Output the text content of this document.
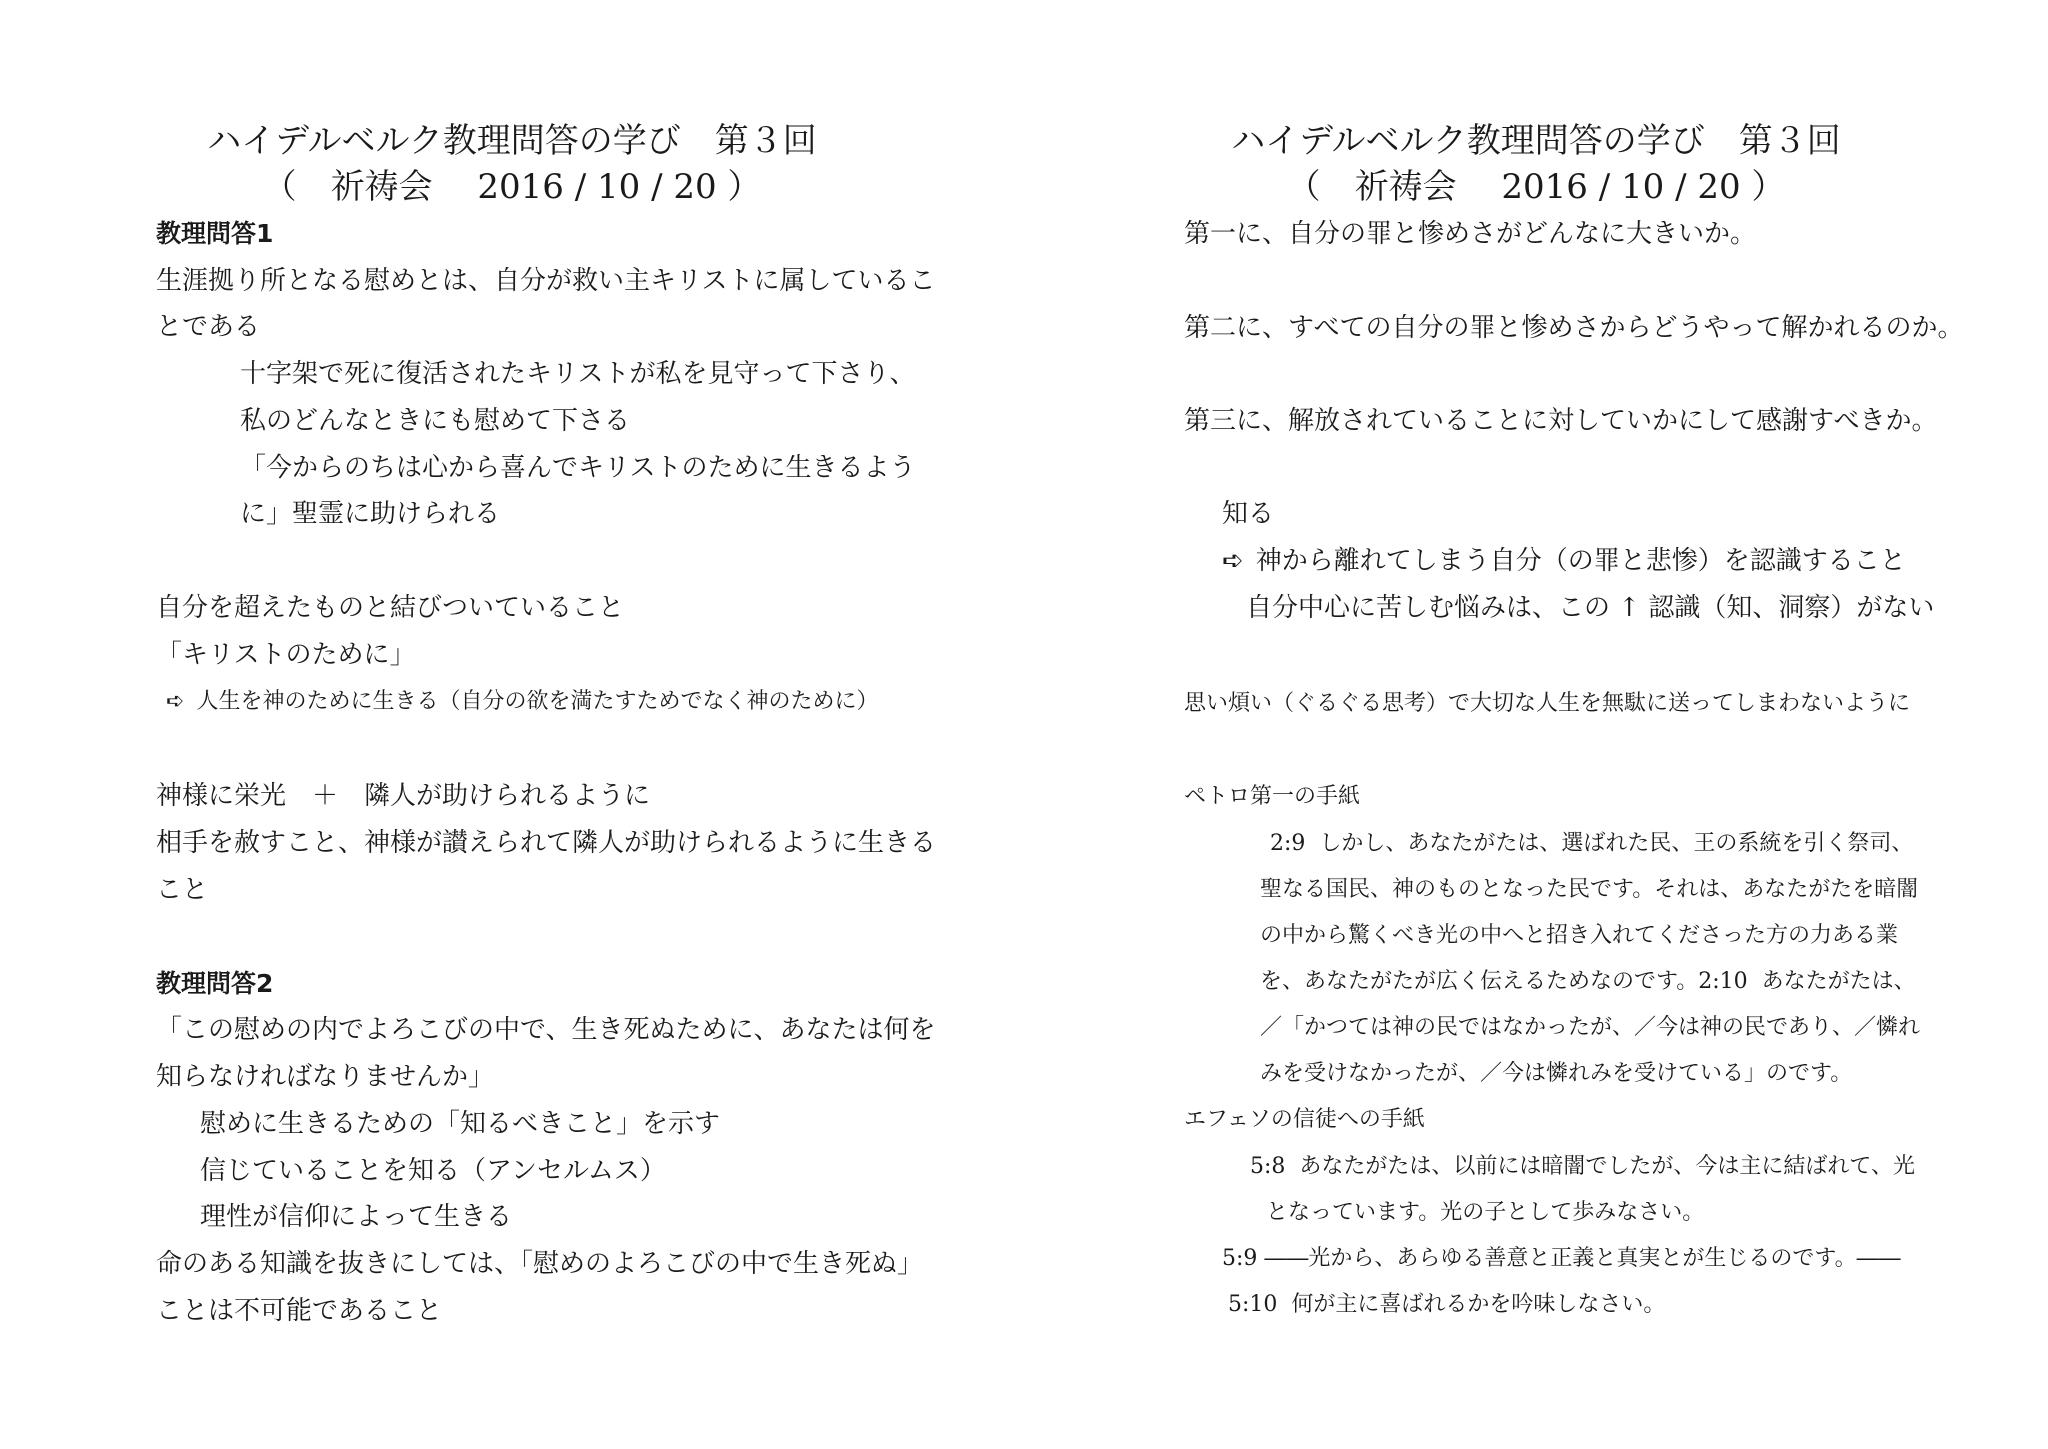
ハイデルベルク教理問答の学び　第３回
（　祈祷会　 2016 / 10 / 20 ）
教理問答1
生涯拠り所となる慰めとは、自分が救い主キリストに属しているこ
とである
十字架で死に復活されたキリストが私を見守って下さり、
私のどんなときにも慰めて下さる
「今からのちは心から喜んでキリストのために生きるよう
に」聖霊に助けられる
自分を超えたものと結びついていること
「キリストのために」
➪ 人生を神のために生きる（自分の欲を満たすためでなく神のために）
神様に栄光　＋　隣人が助けられるように
相手を赦すこと、神様が讃えられて隣人が助けられるように生きる
こと
教理問答2
「この慰めの内でよろこびの中で、生き死ぬために、あなたは何を
知らなければなりませんか」
慰めに生きるための「知るべきこと」を示す
信じていることを知る（アンセルムス）
理性が信仰によって生きる
命のある知識を抜きにしては、「慰めのよろこびの中で生き死ぬ」
ことは不可能であること
ハイデルベルク教理問答の学び　第３回
（　祈祷会　 2016 / 10 / 20 ）
第一に、自分の罪と惨めさがどんなに大きいか。
第二に、すべての自分の罪と惨めさからどうやって解かれるのか。
第三に、解放されていることに対していかにして感謝すべきか。
知る
➪ 神から離れてしまう自分（の罪と悲惨）を認識すること
自分中心に苦しむ悩みは、この ↑ 認識（知、洞察）がない
思い煩い（ぐるぐる思考）で大切な人生を無駄に送ってしまわないように
ペトロ第一の手紙
2:9  しかし、あなたがたは、選ばれた民、王の系統を引く祭司、
聖なる国民、神のものとなった民です。それは、あなたがたを暗闇
の中から驚くべき光の中へと招き入れてくださった方の力ある業
を、あなたがたが広く伝えるためなのです。2:10  あなたがたは、
／「かつては神の民ではなかったが、／今は神の民であり、／憐れ
みを受けなかったが、／今は憐れみを受けている」のです。
エフェソの信徒への手紙
5:8  あなたがたは、以前には暗闇でしたが、今は主に結ばれて、光
となっています。光の子として歩みなさい。
5:9 ――光から、あらゆる善意と正義と真実とが生じるのです。――
5:10  何が主に喜ばれるかを吟味しなさい。
